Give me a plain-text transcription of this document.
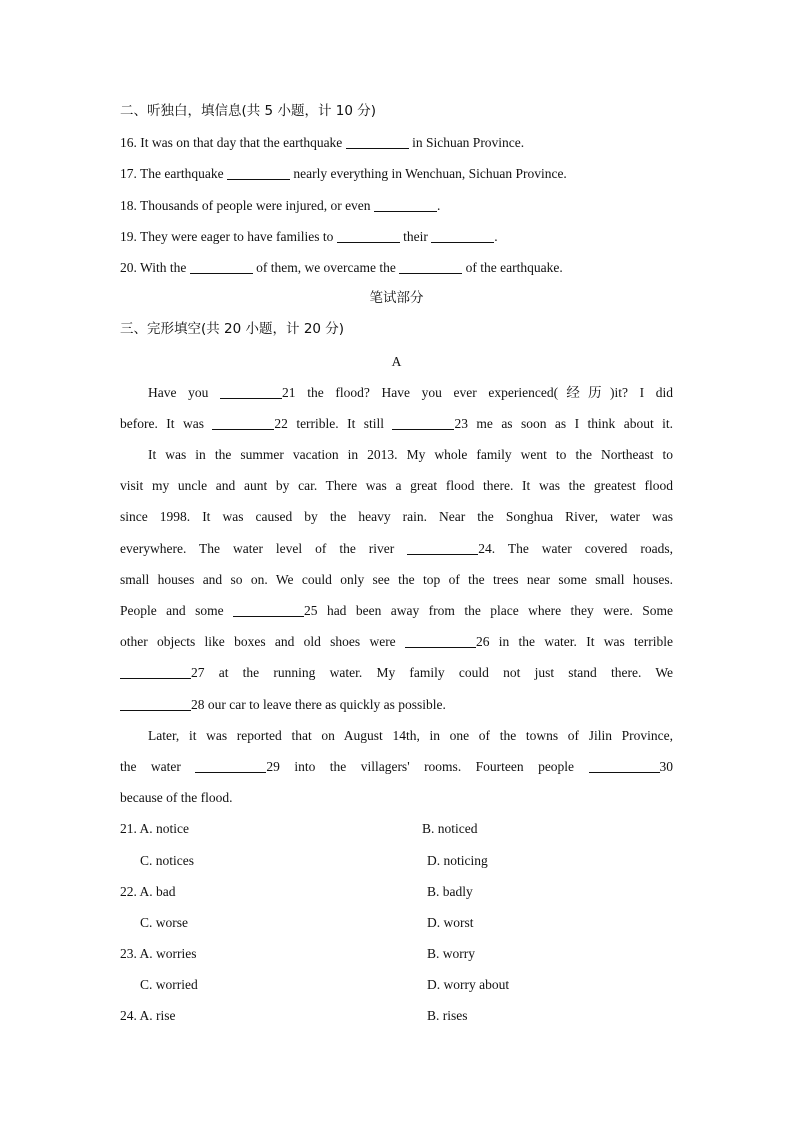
二、听独白，填信息(共 5 小题，计 10 分)
16. It was on that day that the earthquake	in Sichuan Province.
17. The earthquake	nearly everything in Wenchuan, Sichuan Province.
18. Thousands of people were injured, or even	.
19. They were eager to have families to	their	.
20. With the	of them, we overcame the	of the earthquake.
笔试部分
三、完形填空(共 20 小题，计 20 分)
A
Have you	21 the flood? Have you ever experienced(经历)it? I did
before. It was	22 terrible. It still	23 me as soon as I think about it.
It was in the summer vacation in 2013. My whole family went to the Northeast to
visit my uncle and aunt by car. There was a great flood there. It was the greatest flood
since 1998. It was caused by the heavy rain. Near the Songhua River, water was
everywhere. The water level of the river	24. The water covered roads,
small houses and so on. We could only see the top of the trees near some small houses.
People and some	25 had been away from the place where they were. Some
other objects like boxes and old shoes were	26 in the water. It was terrible
27 at the running water. My family could not just stand there. We
28 our car to leave there as quickly as possible.
Later, it was reported that on August 14th, in one of the towns of Jilin Province,
the water	29 into the villagers' rooms. Fourteen people	30
because of the flood.
21. A. notice	B. noticed
C. notices	D. noticing
22. A. bad	B. badly
C. worse	D. worst
23. A. worries	B. worry
C. worried	D. worry about
24. A. rise	B. rises
